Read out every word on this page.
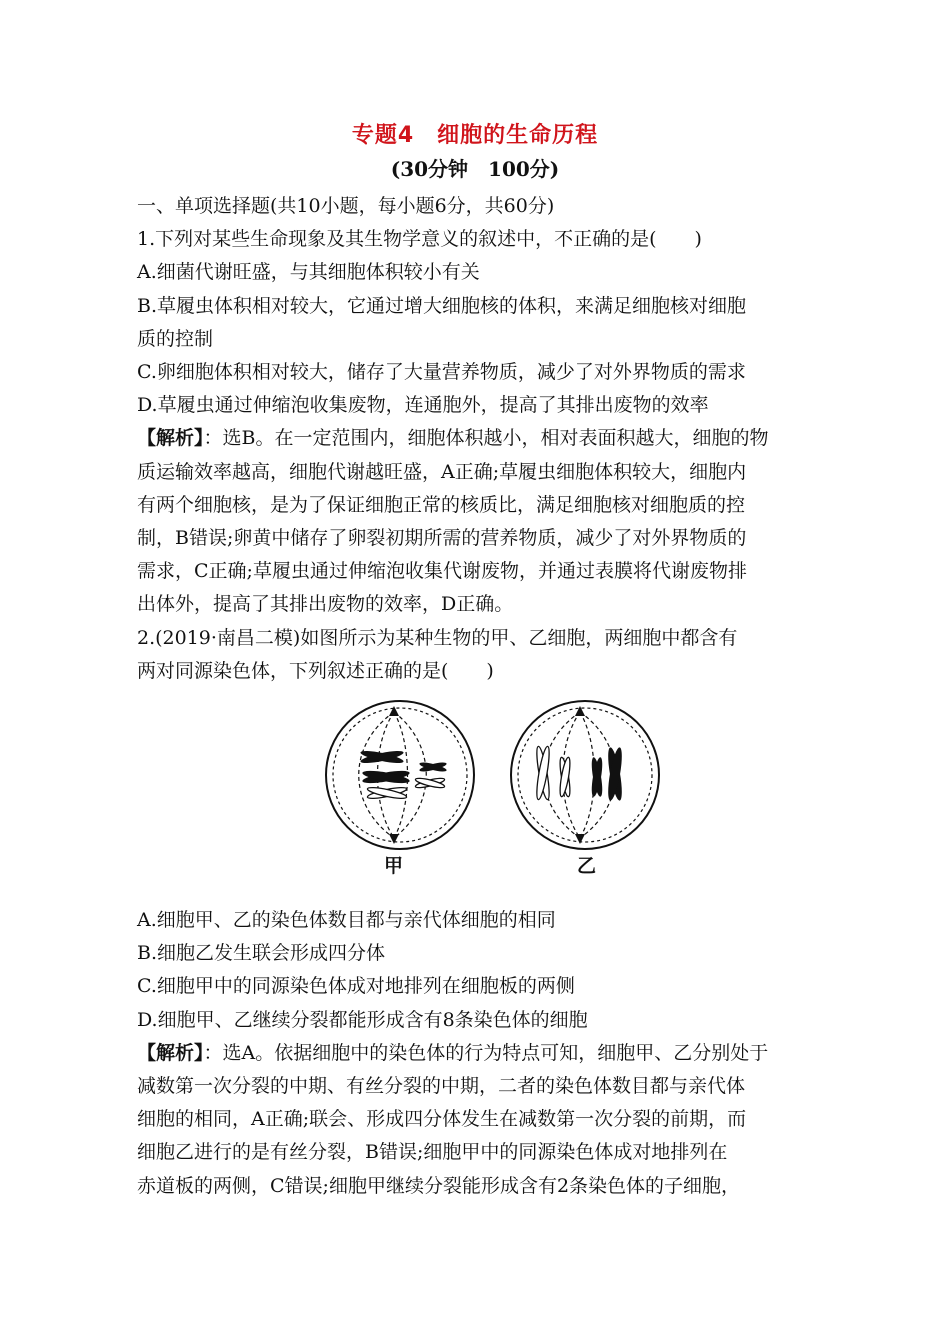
专题4　细胞的生命历程
(30分钟　100分)

一、单项选择题(共10小题，每小题6分，共60分)

1.下列对某些生命现象及其生物学意义的叙述中，不正确的是(　　)

A.细菌代谢旺盛，与其细胞体积较小有关

B.草履虫体积相对较大，它通过增大细胞核的体积，来满足细胞核对细胞

质的控制

C.卵细胞体积相对较大，储存了大量营养物质，减少了对外界物质的需求

D.草履虫通过伸缩泡收集废物，连通胞外，提高了其排出废物的效率

【解析】：选B。在一定范围内，细胞体积越小，相对表面积越大，细胞的物

质运输效率越高，细胞代谢越旺盛，A正确;草履虫细胞体积较大，细胞内

有两个细胞核，是为了保证细胞正常的核质比，满足细胞核对细胞质的控

制，B错误;卵黄中储存了卵裂初期所需的营养物质，减少了对外界物质的

需求，C正确;草履虫通过伸缩泡收集代谢废物，并通过表膜将代谢废物排

出体外，提高了其排出废物的效率，D正确。

2.(2019·南昌二模)如图所示为某种生物的甲、乙细胞，两细胞中都含有

两对同源染色体，下列叙述正确的是(　　)

甲	乙

A.细胞甲、乙的染色体数目都与亲代体细胞的相同

B.细胞乙发生联会形成四分体

C.细胞甲中的同源染色体成对地排列在细胞板的两侧

D.细胞甲、乙继续分裂都能形成含有8条染色体的细胞

【解析】：选A。依据细胞中的染色体的行为特点可知，细胞甲、乙分别处于

减数第一次分裂的中期、有丝分裂的中期，二者的染色体数目都与亲代体

细胞的相同，A正确;联会、形成四分体发生在减数第一次分裂的前期，而

细胞乙进行的是有丝分裂，B错误;细胞甲中的同源染色体成对地排列在

赤道板的两侧，C错误;细胞甲继续分裂能形成含有2条染色体的子细胞，
